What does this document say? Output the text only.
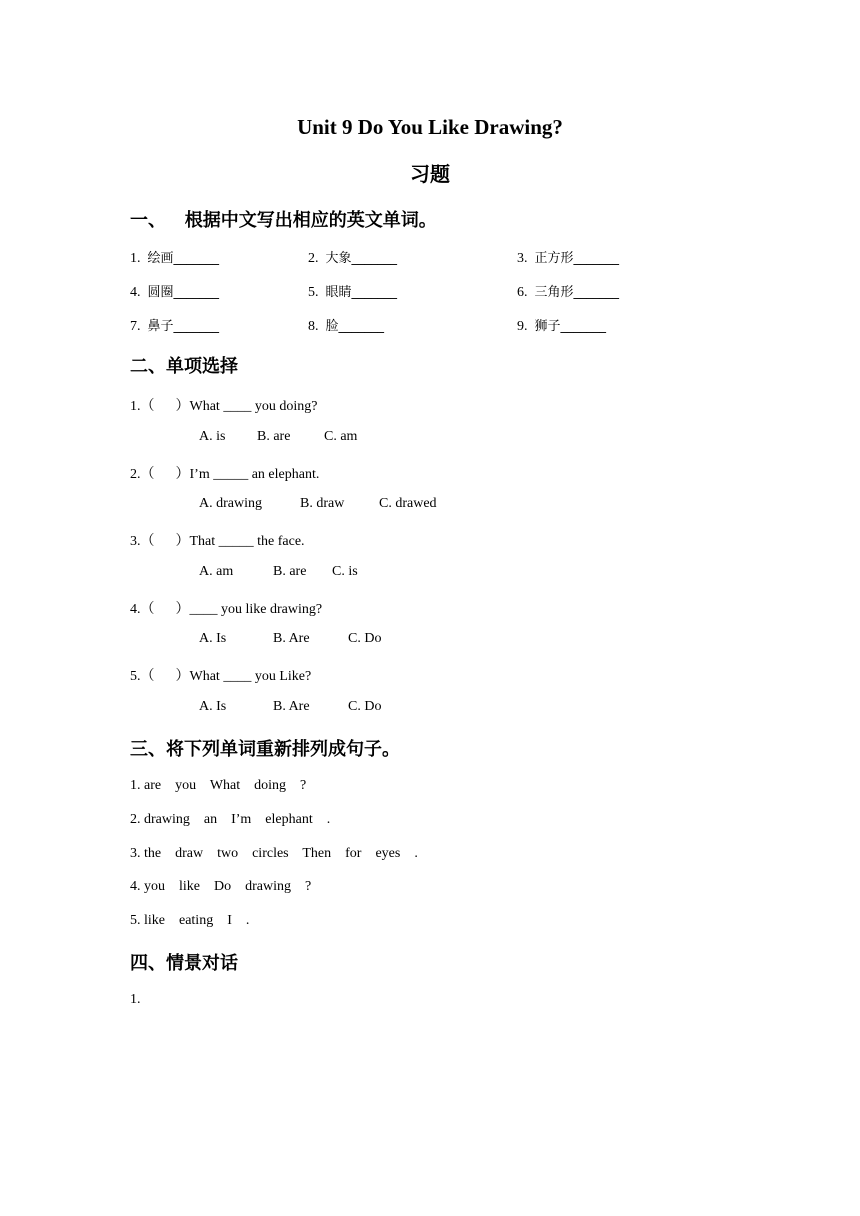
Unit 9 Do You Like Drawing?
习题
一、   根据中文写出相应的英文单词。
1. 绘画_______	2. 大象_______	3. 正方形_______
4. 圆圈_______	5. 眼睛_______	6. 三角形_______
7. 鼻子_______	8. 脸_______	9. 狮子_______
二、单项选择
1.（      ）What ____ you doing?
A. is B. are C. am
2.（      ）I’m _____ an elephant.
A. drawing	B. draw C. drawed
3.（      ）That _____ the face.
A. am	B. are C. is
4.（      ）____ you like drawing?
A. Is	B. Are	C. Do
5.（      ）What ____ you Like?
A. Is	B. Are	C. Do
三、将下列单词重新排列成句子。
1. are    you    What    doing    ?
2. drawing    an    I’m    elephant    .
3. the    draw    two    circles    Then    for    eyes    .
4. you    like    Do    drawing    ?
5. like    eating    I    .
四、情景对话
1.
